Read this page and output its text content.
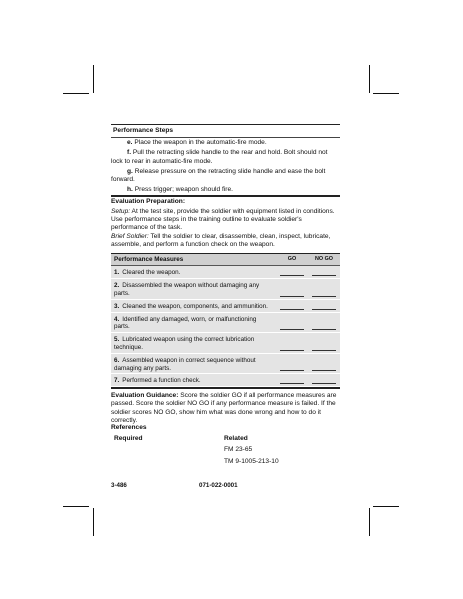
Performance Steps
e. Place the weapon in the automatic-fire mode.
f. Pull the retracting slide handle to the rear and hold. Bolt should not lock to rear in automatic-fire mode.
g. Release pressure on the retracting slide handle and ease the bolt forward.
h. Press trigger; weapon should fire.
Evaluation Preparation:
Setup: At the test site, provide the soldier with equipment listed in conditions. Use performance steps in the training outline to evaluate soldier's performance of the task.
Brief Soldier: Tell the soldier to clear, disassemble, clean, inspect, lubricate, assemble, and perform a function check on the weapon.
Performance Measures	GO	NO GO
1. Cleared the weapon.	

2. Disassembled the weapon without damaging any parts.	

3. Cleaned the weapon, components, and ammunition.	

4. Identified any damaged, worn, or malfunctioning parts.	

5. Lubricated weapon using the correct lubrication technique.	

6. Assembled weapon in correct sequence without damaging any parts.	

7. Performed a function check.	

Evaluation Guidance: Score the soldier GO if all performance measures are passed. Score the soldier NO GO if any performance measure is failed. If the soldier scores NO GO, show him what was done wrong and how to do it correctly.
References
Required	Related
FM 23-65
TM 9-1005-213-10
3-486	071-022-0001
